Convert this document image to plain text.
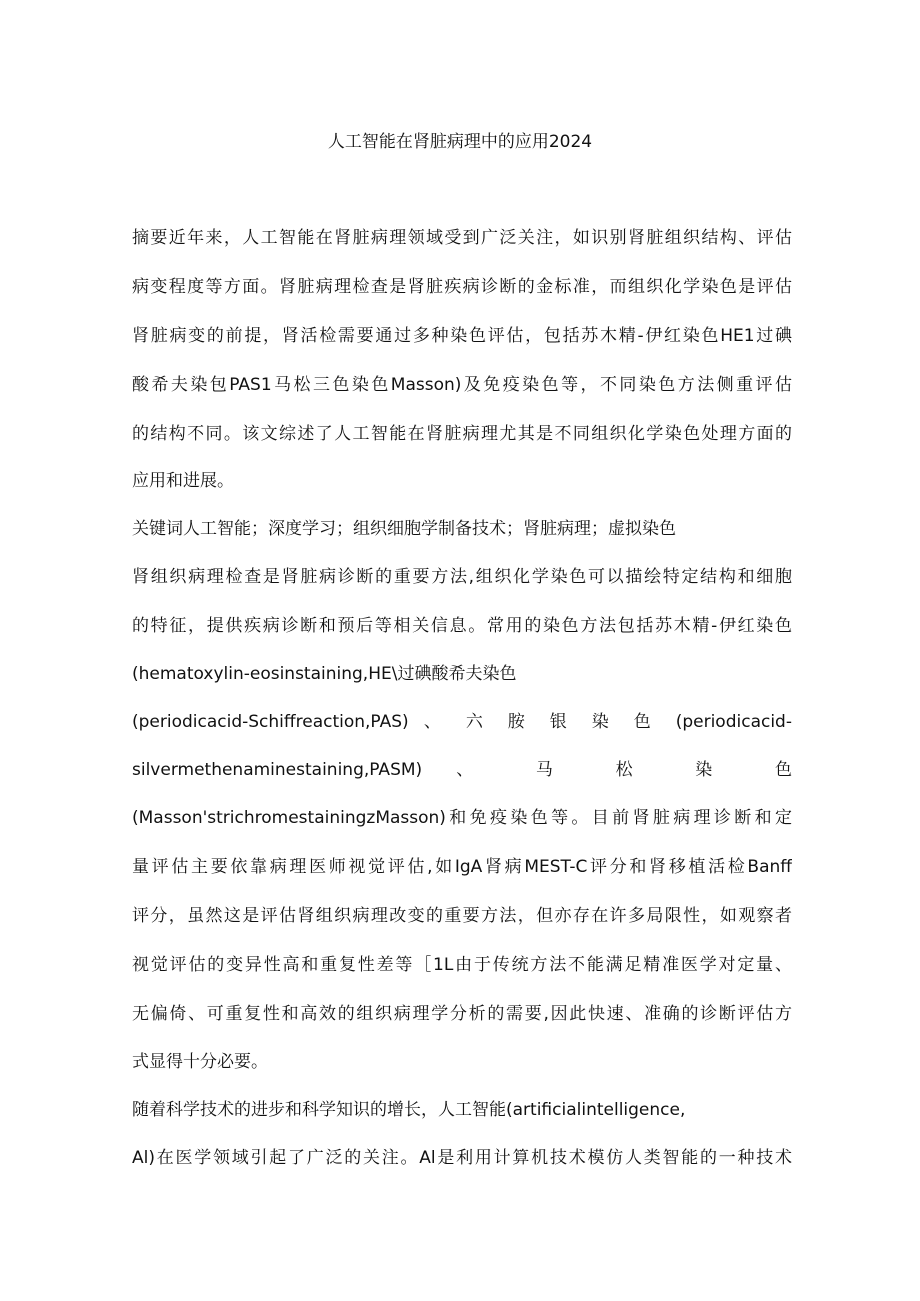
人工智能在肾脏病理中的应用2024
摘要近年来，人工智能在肾脏病理领域受到广泛关注，如识别肾脏组织结构、评估
病变程度等方面。肾脏病理检查是肾脏疾病诊断的金标准，而组织化学染色是评估
肾脏病变的前提，肾活检需要通过多种染色评估，包括苏木精-伊红染色HE1过碘
酸希夫染包PAS1马松三色染色Masson)及免疫染色等，不同染色方法侧重评估
的结构不同。该文综述了人工智能在肾脏病理尤其是不同组织化学染色处理方面的
应用和进展。
关键词人工智能；深度学习；组织细胞学制备技术；肾脏病理；虚拟染色
肾组织病理检查是肾脏病诊断的重要方法,组织化学染色可以描绘特定结构和细胞
的特征，提供疾病诊断和预后等相关信息。常用的染色方法包括苏木精-伊红染色
(hematoxylin-eosinstaining,HE\过碘酸希夫染色
(periodicacid-Schiffreaction,PAS) 、 六 胺 银 染 色 (periodicacid-
silvermethenaminestaining,PASM) 、 马 松 染 色
(Masson'strichromestainingzMasson)和免疫染色等。目前肾脏病理诊断和定
量评估主要依靠病理医师视觉评估,如IgA肾病MEST-C评分和肾移植活检Banff
评分，虽然这是评估肾组织病理改变的重要方法，但亦存在许多局限性，如观察者
视觉评估的变异性高和重复性差等［1L由于传统方法不能满足精准医学对定量、
无偏倚、可重复性和高效的组织病理学分析的需要,因此快速、准确的诊断评估方
式显得十分必要。
随着科学技术的进步和科学知识的增长，人工智能(artificialintelligence,
Al)在医学领域引起了广泛的关注。Al是利用计算机技术模仿人类智能的一种技术
